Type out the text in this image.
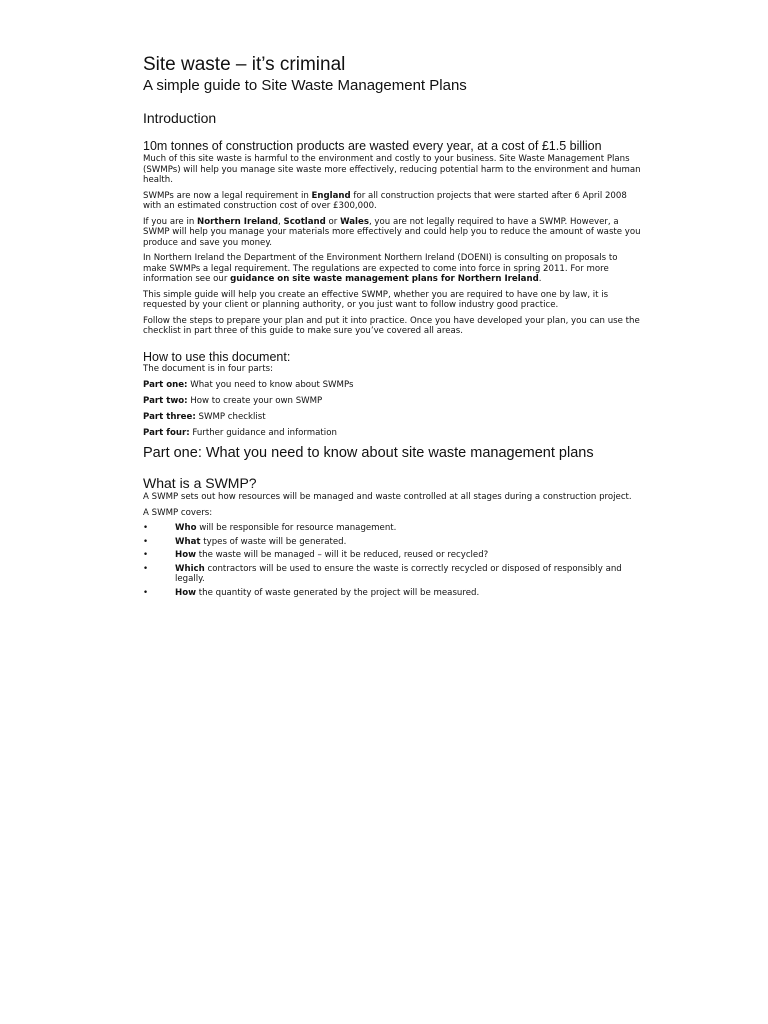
Site waste – it’s criminal
A simple guide to Site Waste Management Plans
Introduction
10m tonnes of construction products are wasted every year, at a cost of £1.5 billion
Much of this site waste is harmful to the environment and costly to your business. Site Waste Management Plans (SWMPs) will help you manage site waste more effectively, reducing potential harm to the environment and human health.
SWMPs are now a legal requirement in England for all construction projects that were started after 6 April 2008 with an estimated construction cost of over £300,000.
If you are in Northern Ireland, Scotland or Wales, you are not legally required to have a SWMP. However, a SWMP will help you manage your materials more effectively and could help you to reduce the amount of waste you produce and save you money.
In Northern Ireland the Department of the Environment Northern Ireland (DOENI) is consulting on proposals to make SWMPs a legal requirement. The regulations are expected to come into force in spring 2011. For more information see our guidance on site waste management plans for Northern Ireland.
This simple guide will help you create an effective SWMP, whether you are required to have one by law, it is requested by your client or planning authority, or you just want to follow industry good practice.
Follow the steps to prepare your plan and put it into practice. Once you have developed your plan, you can use the checklist in part three of this guide to make sure you’ve covered all areas.
How to use this document:
The document is in four parts:
Part one: What you need to know about SWMPs
Part two: How to create your own SWMP
Part three: SWMP checklist
Part four: Further guidance and information
Part one: What you need to know about site waste management plans
What is a SWMP?
A SWMP sets out how resources will be managed and waste controlled at all stages during a construction project.
A SWMP covers:
•	Who will be responsible for resource management.
•	What types of waste will be generated.
•	How the waste will be managed – will it be reduced, reused or recycled?
•	Which contractors will be used to ensure the waste is correctly recycled or disposed of responsibly and legally.
•	How the quantity of waste generated by the project will be measured.
